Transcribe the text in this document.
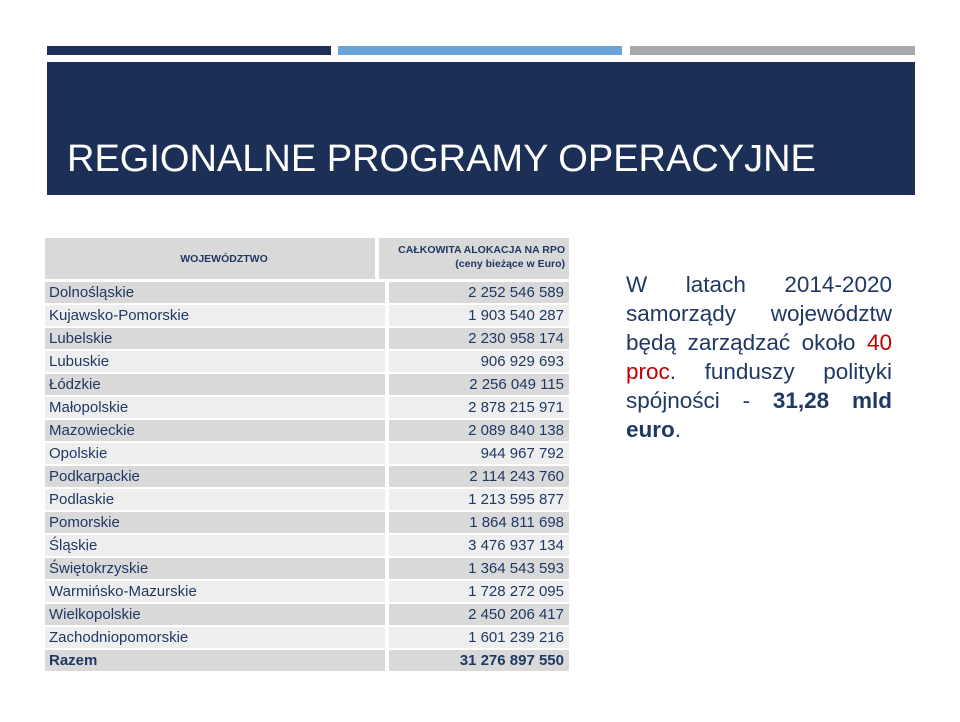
REGIONALNE PROGRAMY OPERACYJNE
WOJEWÓDZTWO
CAŁKOWITA ALOKACJA NA RPO
(ceny bieżące w Euro)
Dolnośląskie	2 252 546 589
Kujawsko-Pomorskie	1 903 540 287
Lubelskie	2 230 958 174
Lubuskie	906 929 693
Łódzkie	2 256 049 115
Małopolskie	2 878 215 971
Mazowieckie	2 089 840 138
Opolskie	944 967 792
Podkarpackie	2 114 243 760
Podlaskie	1 213 595 877
Pomorskie	1 864 811 698
Śląskie	3 476 937 134
Świętokrzyskie	1 364 543 593
Warmińsko-Mazurskie	1 728 272 095
Wielkopolskie	2 450 206 417
Zachodniopomorskie	1 601 239 216
Razem	31 276 897 550
W latach 2014-2020 samorządy województw będą zarządzać około 40 proc. funduszy polityki spójności - 31,28 mld euro.
